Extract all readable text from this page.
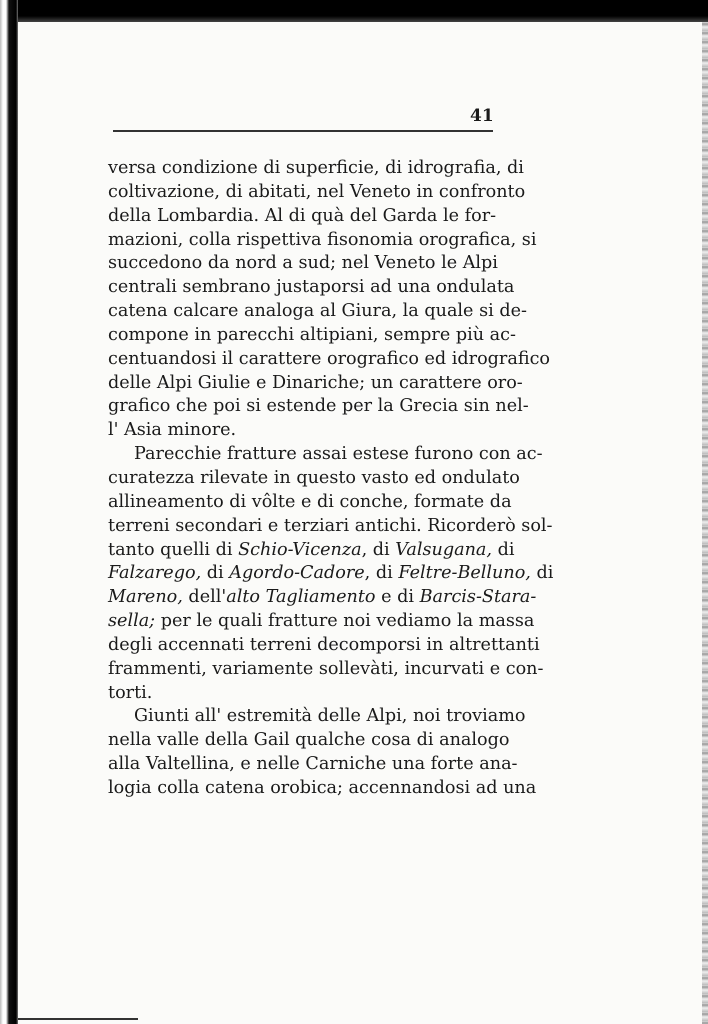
41
versa condizione di superficie, di idrografia, di
coltivazione, di abitati, nel Veneto in confronto
della Lombardia. Al di quà del Garda le for-
mazioni, colla rispettiva fisonomia orografica, si
succedono da nord a sud; nel Veneto le Alpi
centrali sembrano justaporsi ad una ondulata
catena calcare analoga al Giura, la quale si de-
compone in parecchi altipiani, sempre più ac-
centuandosi il carattere orografico ed idrografico
delle Alpi Giulie e Dinariche; un carattere oro-
grafico che poi si estende per la Grecia sin nel-
l' Asia minore.
Parecchie fratture assai estese furono con ac-
curatezza rilevate in questo vasto ed ondulato
allineamento di vôlte e di conche, formate da
terreni secondari e terziari antichi. Ricorderò sol-
tanto quelli di Schio-Vicenza, di Valsugana, di
Falzarego, di Agordo-Cadore, di Feltre-Belluno, di
Mareno, dell'alto Tagliamento e di Barcis-Stara-
sella; per le quali fratture noi vediamo la massa
degli accennati terreni decomporsi in altrettanti
frammenti, variamente sollevàti, incurvati e con-
torti.
Giunti all' estremità delle Alpi, noi troviamo
nella valle della Gail qualche cosa di analogo
alla Valtellina, e nelle Carniche una forte ana-
logia colla catena orobica; accennandosi ad una
